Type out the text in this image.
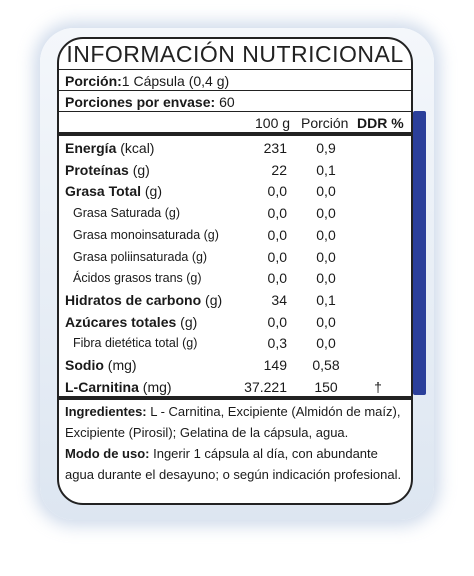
INFORMACIÓN NUTRICIONAL
Porción:1 Cápsula (0,4 g)
Porciones por envase: 60
100 g Porción DDR %
Energía (kcal)	231	0,9
Proteínas (g)	22	0,1
Grasa Total (g)	0,0	0,0
Grasa Saturada (g)	0,0	0,0
Grasa monoinsaturada (g)	0,0	0,0
Grasa poliinsaturada (g)	0,0	0,0
Ácidos grasos trans (g)	0,0	0,0
Hidratos de carbono (g)	34	0,1
Azúcares totales (g)	0,0	0,0
Fibra dietética total (g)	0,3	0,0
Sodio (mg)	149	0,58
L-Carnitina (mg)	37.221	150	†
Ingredientes: L - Carnitina, Excipiente (Almidón de maíz),
Excipiente (Pirosil); Gelatina de la cápsula, agua.
Modo de uso: Ingerir 1 cápsula al día, con abundante
agua durante el desayuno; o según indicación profesional.
